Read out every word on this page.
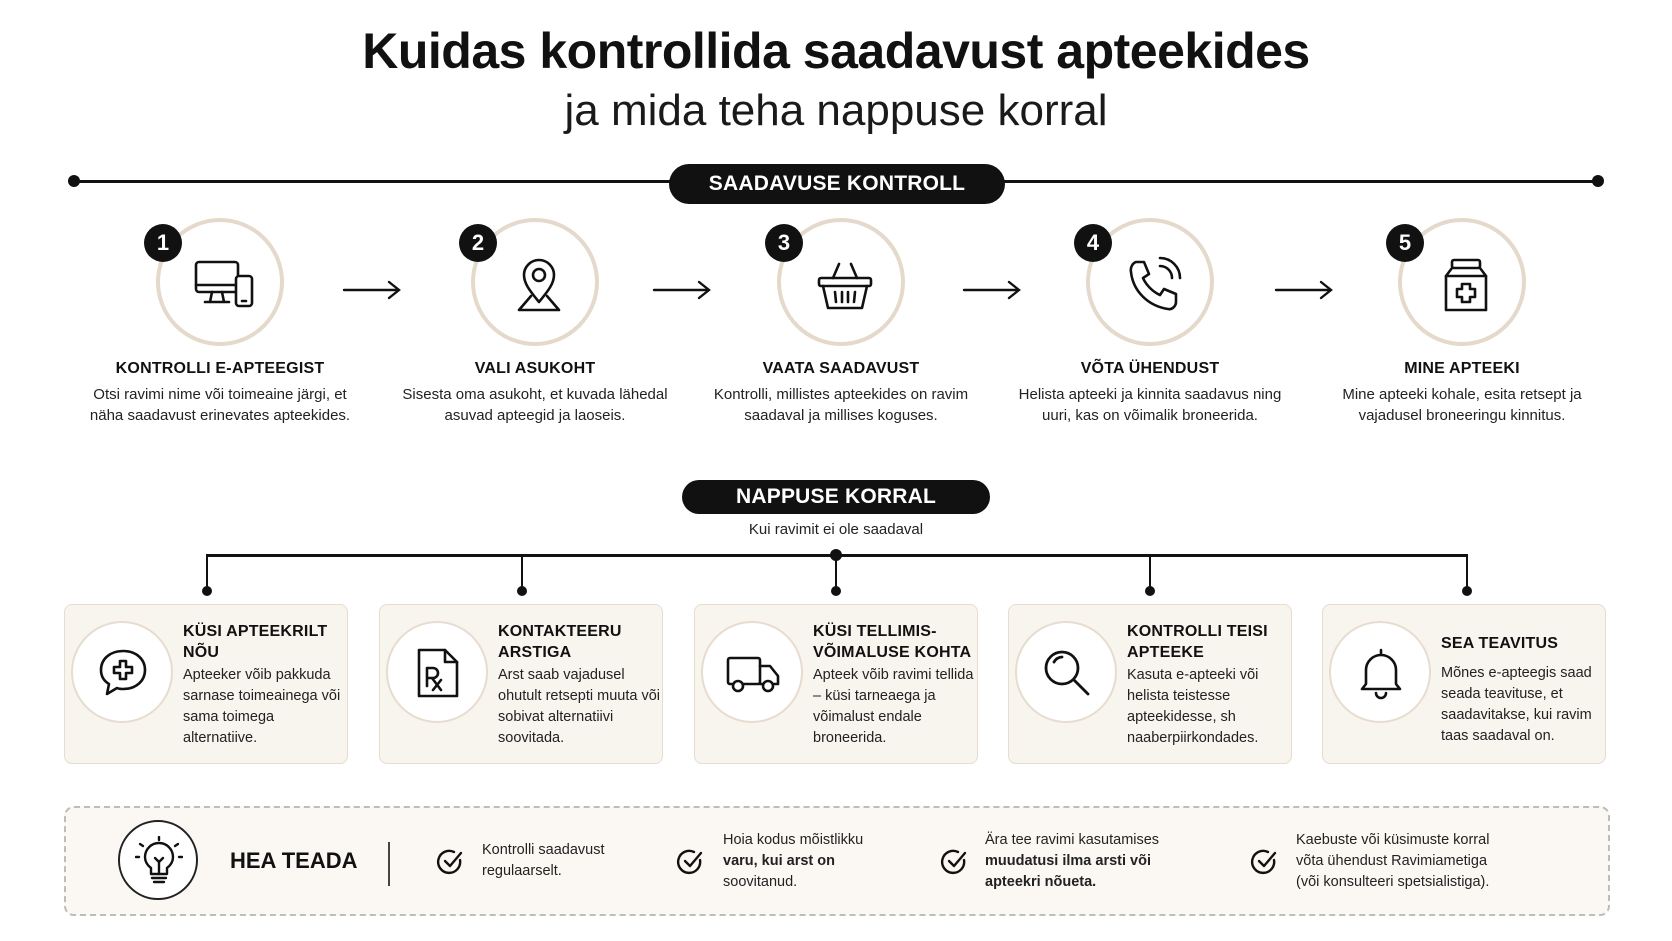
Kuidas kontrollida saadavust apteekides
ja mida teha nappuse korral
SAADAVUSE KONTROLL
1
KONTROLLI E-APTEEGIST
Otsi ravimi nime või toimeaine järgi, et näha saadavust erinevates apteekides.
2
VALI ASUKOHT
Sisesta oma asukoht, et kuvada lähedal asuvad apteegid ja laoseis.
3
VAATA SAADAVUST
Kontrolli, millistes apteekides on ravim saadaval ja millises koguses.
4
VÕTA ÜHENDUST
Helista apteeki ja kinnita saadavus ning uuri, kas on võimalik broneerida.
5
MINE APTEEKI
Mine apteeki kohale, esita retsept ja vajadusel broneeringu kinnitus.
NAPPUSE KORRAL
Kui ravimit ei ole saadaval
KÜSI APTEEKRILT NÕU
Apteeker võib pakkuda sarnase toimeainega või sama toimega alternatiive.
KONTAKTEERU ARSTIGA
Arst saab vajadusel ohutult retsepti muuta või sobivat alternatiivi soovitada.
KÜSI TELLIMIS-VÕIMALUSE KOHTA
Apteek võib ravimi tellida – küsi tarneaega ja võimalust endale broneerida.
KONTROLLI TEISI APTEEKE
Kasuta e-apteeki või helista teistesse apteekidesse, sh naaberpiirkondades.
SEA TEAVITUS
Mõnes e-apteegis saad seada teavituse, et saadavitakse, kui ravim taas saadaval on.
HEA TEADA	Kontrolli saadavust
regulaarselt.
Hoia kodus mõistlikku
varu, kui arst on
soovitanud.
Ära tee ravimi kasutamises
muudatusi ilma arsti või
apteekri nõueta.
Kaebuste või küsimuste korral
võta ühendust Ravimiametiga
(või konsulteeri spetsialistiga).
